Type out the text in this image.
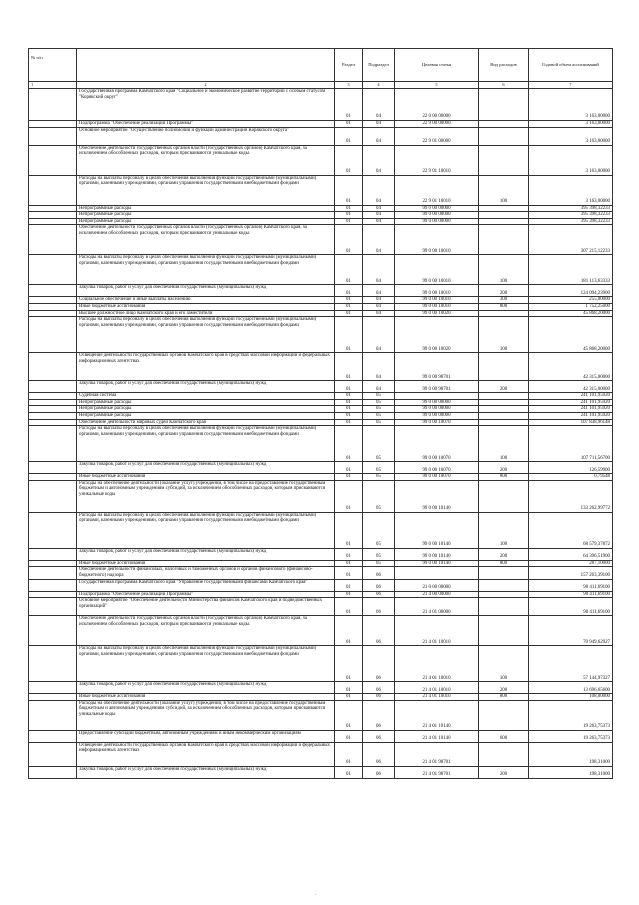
№ п/п		Раздел	Подраздел	Целевая статья	Вид расходов	Годовой объем ассигнований
1	2	3	4	5	6	7
	Государственная программа Камчатского края "Социальное и экономическое развитие территории с особым статусом "Корякский округ"	01	04	22 0 00 00000		3 163,00000
	Подпрограмма "Обеспечение реализации Программы"	01	04	22 9 00 00000		3 163,00000
	Основное мероприятие "Осуществление полномочий и функций администрации Корякского округа"	01	04	22 9 01 00000		3 163,00000
	Обеспечение деятельности государственных органов власти (государственных органов) Камчатского края, за исключением обособленных расходов, которым присваиваются уникальные коды.	01	04	22 9 01 10010		3 163,00000
	Расходы на выплаты персоналу в целях обеспечения выполнения функций государственными (муниципальными) органами, казенными учреждениями, органами управления государственными внебюджетными фондами	01	04	22 9 01 10010	100	3 163,00000
	Непрограммные расходы	01	04	99 0 00 00000		395 398,32233
	Непрограммные расходы	01	04	99 0 00 00000		395 398,32233
	Непрограммные расходы	01	04	99 0 00 00000		395 398,32233
	Обеспечение деятельности государственных органов власти (государственных органов) Камчатского края, за исключением обособленных расходов, которым присваиваются уникальные коды.	01	04	99 0 00 10010		307 215,12233
	Расходы на выплаты персоналу в целях обеспечения выполнения функций государственными (муниципальными) органами, казенными учреждениями, органами управления государственными внебюджетными фондами	01	04	99 0 00 10010	100	181 113,63333
	Закупка товаров, работ и услуг для обеспечения государственных (муниципальных) нужд	01	04	99 0 00 10010	200	124 094,23900
	Социальное обеспечение и иные выплаты населению	01	04	99 0 00 10010	300	255,00000
	Иные бюджетные ассигнования	01	04	99 0 00 10010	800	1 752,25000
	Высшее должностное лицо Камчатского края и его заместители	01	04	99 0 00 10020		45 868,20000
	Расходы на выплаты персоналу в целях обеспечения выполнения функций государственными (муниципальными) органами, казенными учреждениями, органами управления государственными внебюджетными фондами	01	04	99 0 00 10020	100	45 868,20000
	Освещение деятельности государственных органов Камчатского края в средствах массовой информации и федеральных информационных агентствах	01	04	99 0 00 98701		42 315,00000
	Закупка товаров, работ и услуг для обеспечения государственных (муниципальных) нужд	01	04	99 0 00 98701	200	42 315,00000
	Судебная система	01	05			241 101,95920
	Непрограммные расходы	01	05	99 0 00 00000		241 101,95920
	Непрограммные расходы	01	05	99 0 00 00000		241 101,95920
	Непрограммные расходы	01	05	99 0 00 00000		241 101,95920
	Обеспечение деятельности мировых судей Камчатского края	01	05	99 0 00 10070		107 838,96148
	Расходы на выплаты персоналу в целях обеспечения выполнения функций государственными (муниципальными) органами, казенными учреждениями, органами управления государственными внебюджетными фондами	01	05	99 0 00 10070	100	107 711,56700
	Закупка товаров, работ и услуг для обеспечения государственных (муниципальных) нужд	01	05	99 0 00 10070	200	126,59900
	Иные бюджетные ассигнования	01	05	99 0 00 10070	800	0,79548
	Расходы на обеспечение деятельности (оказание услуг) учреждений, в том числе на предоставление государственным бюджетным и автономным учреждениям субсидий, за исключением обособленных расходов, которым присваиваются уникальные коды	01	05	99 0 00 10140		133 262,99772
	Расходы на выплаты персоналу в целях обеспечения выполнения функций государственными (муниципальными) органами, казенными учреждениями, органами управления государственными внебюджетными фондами	01	05	99 0 00 10140	100	68 579,37872
	Закупка товаров, работ и услуг для обеспечения государственных (муниципальных) нужд	01	05	99 0 00 10140	200	64 396,51900
	Иные бюджетные ассигнования	01	05	99 0 00 10140	800	287,10000
	Обеспечение деятельности финансовых, налоговых и таможенных органов и органов финансового (финансово-бюджетного) надзора	01	06			157 263,39100
	Государственная программа Камчатского края "Управление государственными финансами Камчатского края"	01	06	21 0 00 00000		90 411,69100
	Подпрограмма "Обеспечение реализации Программы"	01	06	21 4 00 00000		90 411,69100
	Основное мероприятие "Обеспечение деятельности Министерства финансов Камчатского края и подведомственных организаций"	01	06	21 4 01 00000		90 411,69100
	Обеспечение деятельности государственных органов власти (государственных органов) Камчатского края, за исключением обособленных расходов, которым присваиваются уникальные коды.	01	06	21 4 01 10010		70 949,62927
	Расходы на выплаты персоналу в целях обеспечения выполнения функций государственными (муниципальными) органами, казенными учреждениями, органами управления государственными внебюджетными фондами	01	06	21 4 01 10010	100	57 144,97327
	Закупка товаров, работ и услуг для обеспечения государственных (муниципальных) нужд	01	06	21 4 01 10010	200	13 696,65600
	Иные бюджетные ассигнования	01	06	21 4 01 10010	800	108,00000
	Расходы на обеспечение деятельности (оказание услуг) учреждений, в том числе на предоставление государственным бюджетным и автономным учреждениям субсидий, за исключением обособленных расходов, которым присваиваются уникальные коды	01	06	21 4 01 10140		19 263,75373
	Предоставление субсидий бюджетным, автономным учреждениям и иным некоммерческим организациям	01	06	21 4 01 10140	600	19 263,75373
	Освещение деятельности государственных органов Камчатского края в средствах массовой информации и федеральных информационных агентствах	01	06	21 4 01 98701		198,31000
	Закупка товаров, работ и услуг для обеспечения государственных (муниципальных) нужд	01	06	21 4 01 98701	200	198,31000
·
